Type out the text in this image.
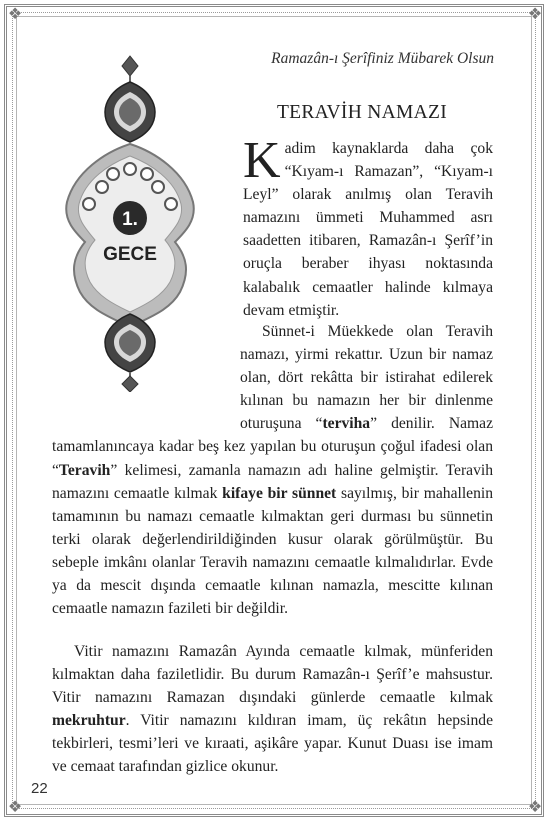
❖	❖
❖	❖
Ramazân-ı Şerîfiniz Mübarek Olsun
1.
GECE
TERAVİH NAMAZI

Kadim kaynaklarda daha çok “Kıyam-ı Ramazan”, “Kıyam-ı Leyl” olarak anılmış olan Teravih namazını ümmeti Muhammed asrı saadetten itibaren, Ramazân-ı Şerîf’in oruçla beraber ihyası noktasında kalabalık cemaatler halinde kılmaya devam etmiştir.

Sünnet-i Müekkede olan Teravih namazı, yirmi rekattır. Uzun bir namaz olan, dört rekâtta bir istirahat edilerek kılınan bu namazın her bir dinlenme oturuşuna “terviha” denilir. Namaz tamamlanıncaya kadar beş kez yapılan bu oturuşun çoğul ifadesi olan “Teravih” kelimesi, zamanla namazın adı haline gelmiştir. Teravih namazını cemaatle kılmak kifaye bir sünnet sayılmış, bir mahallenin tamamının bu namazı cemaatle kılmaktan geri durması bu sünnetin terki olarak değerlendirildiğinden kusur olarak görülmüştür. Bu sebeple imkânı olanlar Teravih namazını cemaatle kılmalıdırlar. Evde ya da mescit dışında cemaatle kılınan namazla, mescitte kılınan cemaatle namazın fazileti bir değildir.

Vitir namazını Ramazân Ayında cemaatle kılmak, münferiden kılmaktan daha faziletlidir. Bu durum Ramazân-ı Şerîf’e mahsustur. Vitir namazını Ramazan dışındaki günlerde cemaatle kılmak mekruhtur. Vitir namazını kıldıran imam, üç rekâtın hepsinde tekbirleri, tesmi’leri ve kıraati, aşikâre yapar. Kunut Duası ise imam ve cemaat tarafından gizlice okunur.

22
